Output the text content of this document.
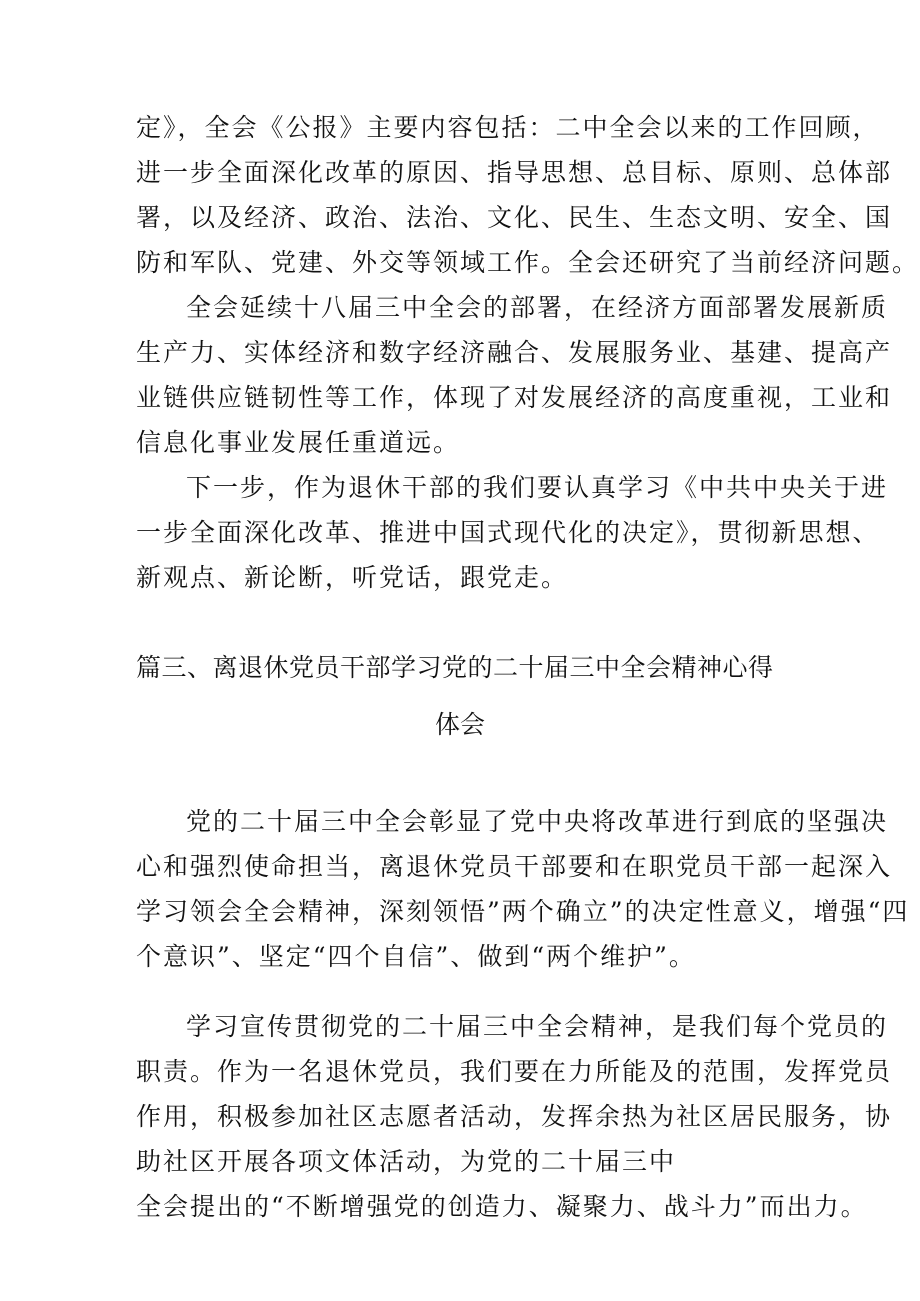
定》，全会《公报》主要内容包括：二中全会以来的工作回顾，
进一步全面深化改革的原因、指导思想、总目标、原则、总体部
署，以及经济、政治、法治、文化、民生、生态文明、安全、国
防和军队、党建、外交等领域工作。全会还研究了当前经济问题。
全会延续十八届三中全会的部署，在经济方面部署发展新质
生产力、实体经济和数字经济融合、发展服务业、基建、提高产
业链供应链韧性等工作，体现了对发展经济的高度重视，工业和
信息化事业发展任重道远。
下一步，作为退休干部的我们要认真学习《中共中央关于进
一步全面深化改革、推进中国式现代化的决定》，贯彻新思想、
新观点、新论断，听党话，跟党走。
篇三、离退休党员干部学习党的二十届三中全会精神心得
体会
党的二十届三中全会彰显了党中央将改革进行到底的坚强决
心和强烈使命担当，离退休党员干部要和在职党员干部一起深入
学习领会全会精神，深刻领悟”两个确立”的决定性意义，增强“四
个意识”、坚定“四个自信”、做到“两个维护”。
学习宣传贯彻党的二十届三中全会精神，是我们每个党员的
职责。作为一名退休党员，我们要在力所能及的范围，发挥党员
作用，积极参加社区志愿者活动，发挥余热为社区居民服务，协
助社区开展各项文体活动，为党的二十届三中
全会提出的“不断增强党的创造力、凝聚力、战斗力”而出力。
